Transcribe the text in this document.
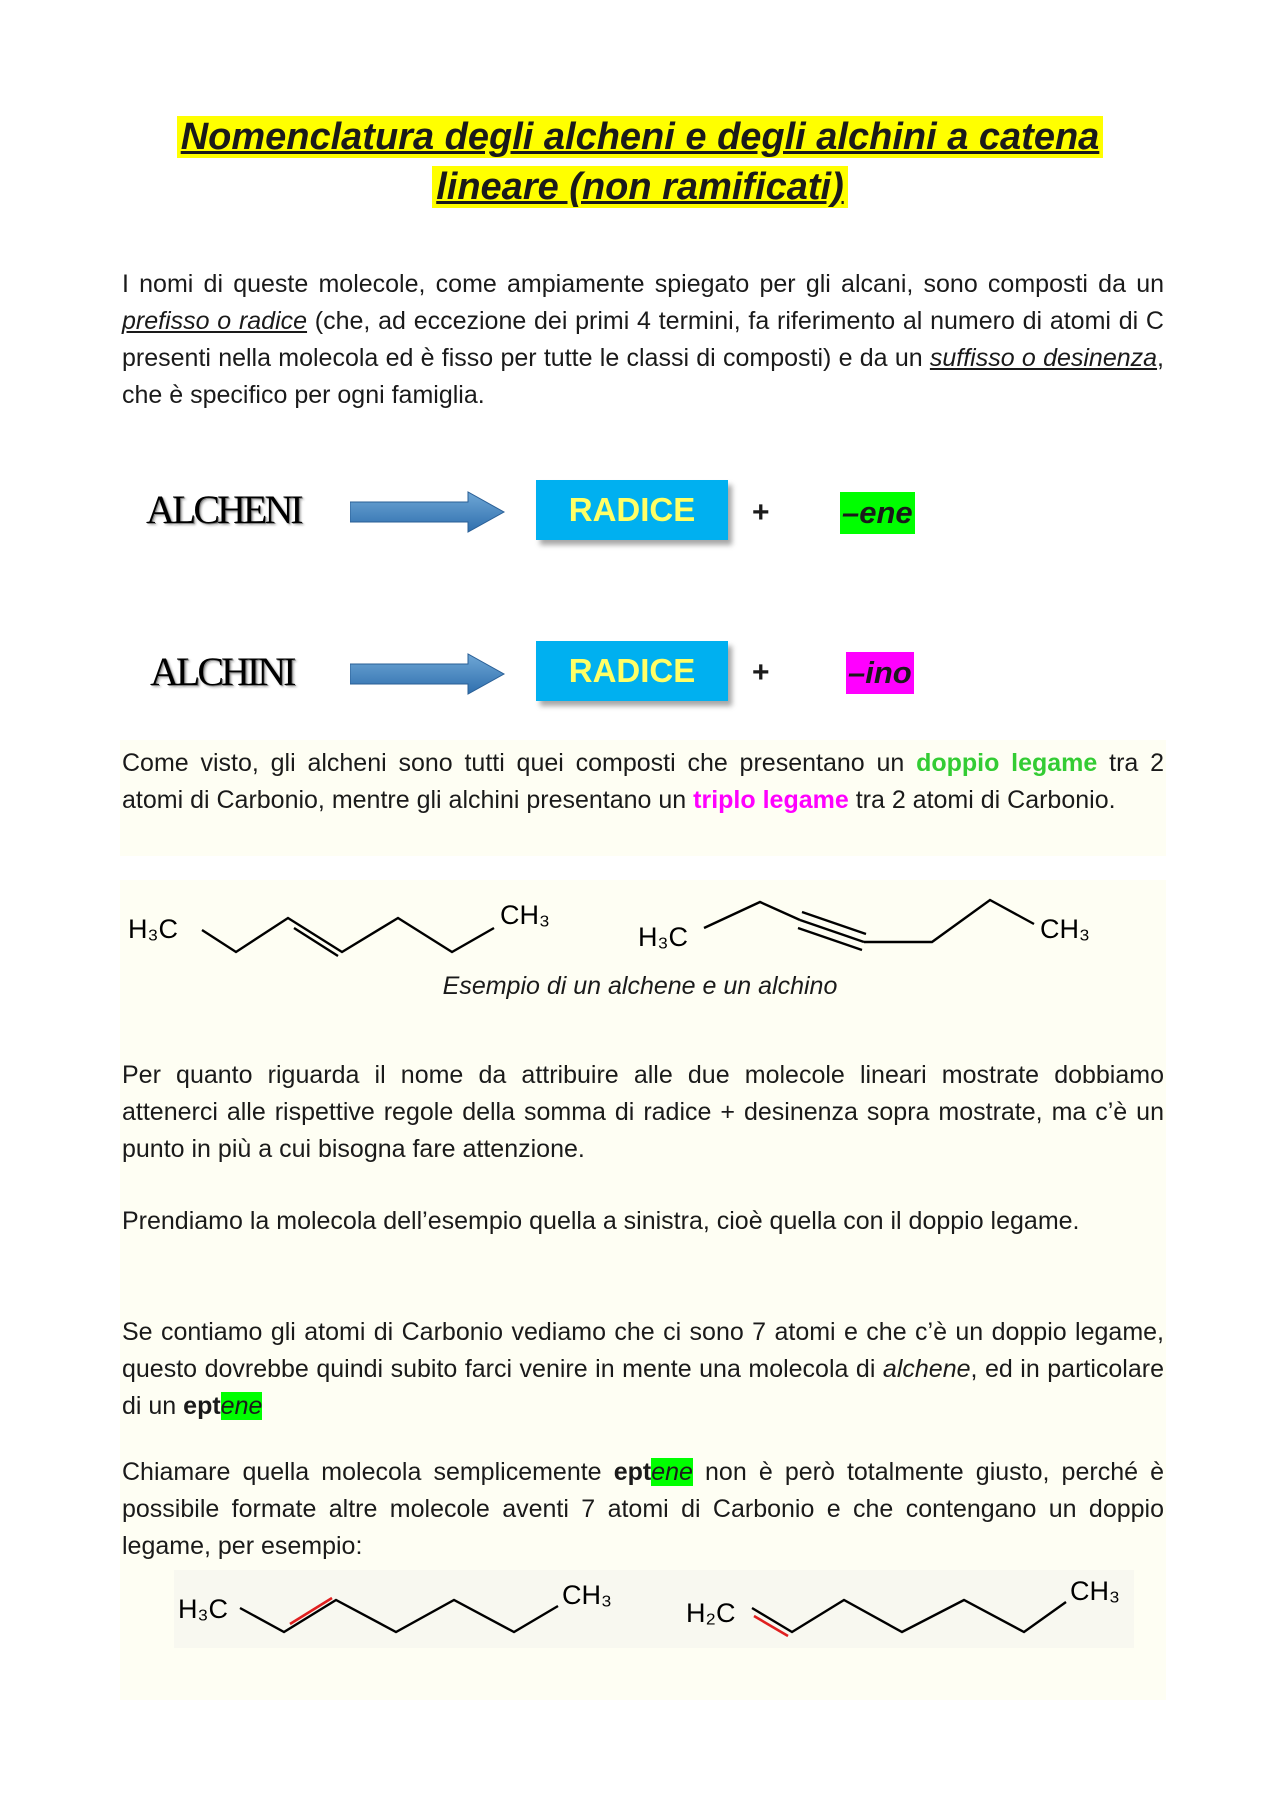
Nomenclatura degli alcheni e degli alchini a catena
lineare (non ramificati)
I nomi di queste molecole, come ampiamente spiegato per gli alcani, sono composti da un prefisso o radice (che, ad eccezione dei primi 4 termini, fa riferimento al numero di atomi di C presenti nella molecola ed è fisso per tutte le classi di composti) e da un suffisso o desinenza, che è specifico per ogni famiglia.
ALCHENI	RADICE	+ –ene
ALCHINI	RADICE	+	–ino
Come visto, gli alcheni sono tutti quei composti che presentano un doppio legame tra 2 atomi di Carbonio, mentre gli alchini presentano un triplo legame tra 2 atomi di Carbonio.
H₃C	CH₃
H₃C	CH₃
Esempio di un alchene e un alchino
Per quanto riguarda il nome da attribuire alle due molecole lineari mostrate dobbiamo attenerci alle rispettive regole della somma di radice + desinenza sopra mostrate, ma c’è un punto in più a cui bisogna fare attenzione.
Prendiamo la molecola dell’esempio quella a sinistra, cioè quella con il doppio legame.
Se contiamo gli atomi di Carbonio vediamo che ci sono 7 atomi e che c’è un doppio legame, questo dovrebbe quindi subito farci venire in mente una molecola di alchene, ed in particolare di un eptene
Chiamare quella molecola semplicemente eptene non è però totalmente giusto, perché è possibile formate altre molecole aventi 7 atomi di Carbonio e che contengano un doppio legame, per esempio:
H₃C	CH₃
H₂C
CH₃
